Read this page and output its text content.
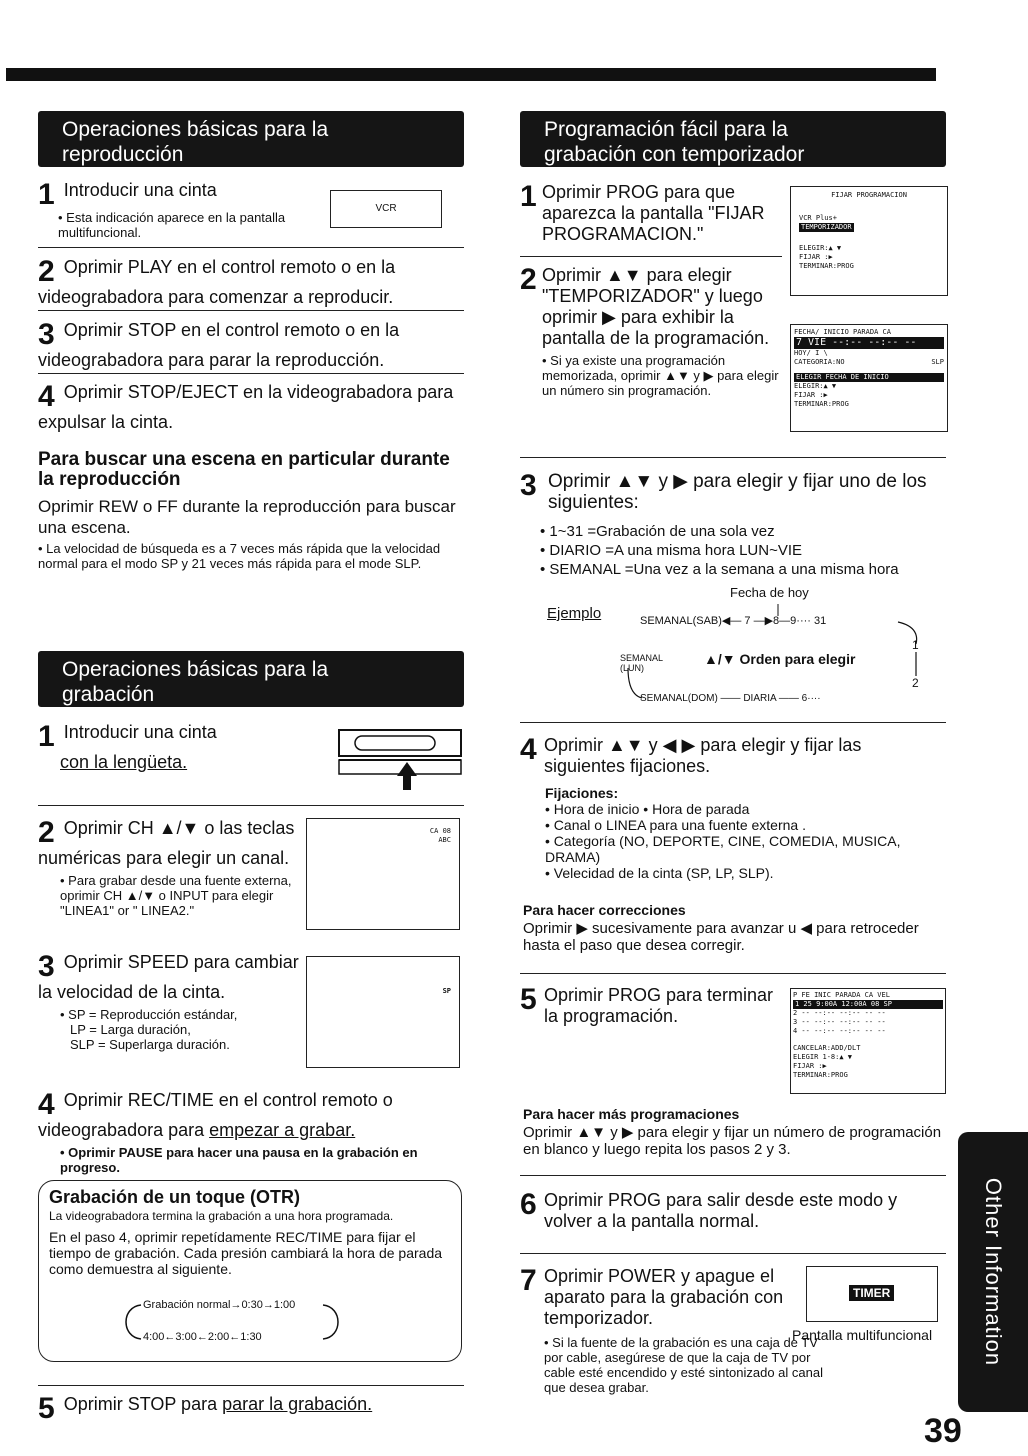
Operaciones básicas para la
reproducción
1 Introducir una cinta
• Esta indicación aparece en la pantalla multifuncional.
VCR
2 Oprimir PLAY en el control remoto o en la videograbadora para comenzar a reproducir.
3 Oprimir STOP en el control remoto o en la videograbadora para parar la reproducción.
4 Oprimir STOP/EJECT en la videograbadora para expulsar la cinta.
Para buscar una escena en particular durante la reproducción
Oprimir REW o FF durante la reproducción para buscar una escena.
• La velocidad de búsqueda es a 7 veces más rápida que la velocidad normal para el modo SP y 21 veces más rápida para el mode SLP.
Operaciones básicas para la
grabación
1 Introducir una cinta
con la lengüeta.
2 Oprimir CH ▲/▼ o las teclas numéricas para elegir un canal.
• Para grabar desde una fuente externa, oprimir CH ▲/▼ o INPUT para elegir "LINEA1" or " LINEA2."
CA 08
ABC
3 Oprimir SPEED para cambiar la velocidad de la cinta.
• SP = Reproducción estándar,
LP = Larga duración,
SLP = Superlarga duración.
SP
4 Oprimir REC/TIME en el control remoto o videograbadora para empezar a grabar.
• Oprimir PAUSE para hacer una pausa en la grabación en progreso.
Grabación de un toque (OTR)
La videograbadora termina la grabación a una hora programada.
En el paso 4, oprimir repetídamente REC/TIME para fijar el tiempo de grabación. Cada presión cambiará la hora de parada como demuestra al siguiente.
Grabación normal→0:30→1:00
4:00←3:00←2:00←1:30
5 Oprimir STOP para parar la grabación.
Programación fácil para la
grabación con temporizador
1 Oprimir PROG para que aparezca la pantalla "FIJAR PROGRAMACION."
FIJAR PROGRAMACION
VCR Plus+
TEMPORIZADOR
ELEGIR:▲ ▼
FIJAR :▶
TERMINAR:PROG
2 Oprimir ▲▼ para elegir "TEMPORIZADOR" y luego oprimir ▶ para exhibir la pantalla de la programación.
• Si ya existe una programación memorizada, oprimir ▲▼ y ▶ para elegir un número sin programación.
FECHA/ INICIO PARADA CA
7 VIE --:-- --:-- --
HOY/ I \
CATEGORIA:NO	SLP
ELEGIR FECHA DE INICIO
ELEGIR:▲ ▼
FIJAR :▶
TERMINAR:PROG
3 Oprimir ▲▼ y ▶ para elegir y fijar uno de los siguientes:
• 1~31 =Grabación de una sola vez
• DIARIO =A una misma hora LUN~VIE
• SEMANAL =Una vez a la semana a una misma hora
Fecha de hoy
Ejemplo	SEMANAL(SAB)◀— 7 —▶8—9···· 31
SEMANAL (LUN)
▲/▼ Orden para elegir
1
2
SEMANAL(DOM) —— DIARIA —— 6····
4 Oprimir ▲▼ y ◀ ▶ para elegir y fijar las siguientes fijaciones.
Fijaciones:
• Hora de inicio • Hora de parada
• Canal o LINEA para una fuente externa .
• Categoría (NO, DEPORTE, CINE, COMEDIA, MUSICA, DRAMA)
• Velecidad de la cinta (SP, LP, SLP).
Para hacer correcciones
Oprimir ▶ sucesivamente para avanzar u ◀ para retroceder hasta el paso que desea corregir.
5 Oprimir PROG para terminar la programación.
P FE INIC PARADA CA VEL
1 25 9:00A 12:00A 08 SP
2 -- --:-- --:-- -- --
3 -- --:-- --:-- -- --
4 -- --:-- --:-- -- --
CANCELAR:ADD/DLT
ELEGIR 1-8:▲ ▼
FIJAR :▶
TERMINAR:PROG
Para hacer más programaciones
Oprimir ▲▼ y ▶ para elegir y fijar un número de programación en blanco y luego repita los pasos 2 y 3.
6 Oprimir PROG para salir desde este modo y volver a la pantalla normal.
7 Oprimir POWER y apague el aparato para la grabación con temporizador.
• Si la fuente de la grabación es una caja de TV por cable, asegúrese de que la caja de TV por cable esté encendido y esté sintonizado al canal que desea grabar.
TIMER
Pantalla multifuncional Other Information
39
